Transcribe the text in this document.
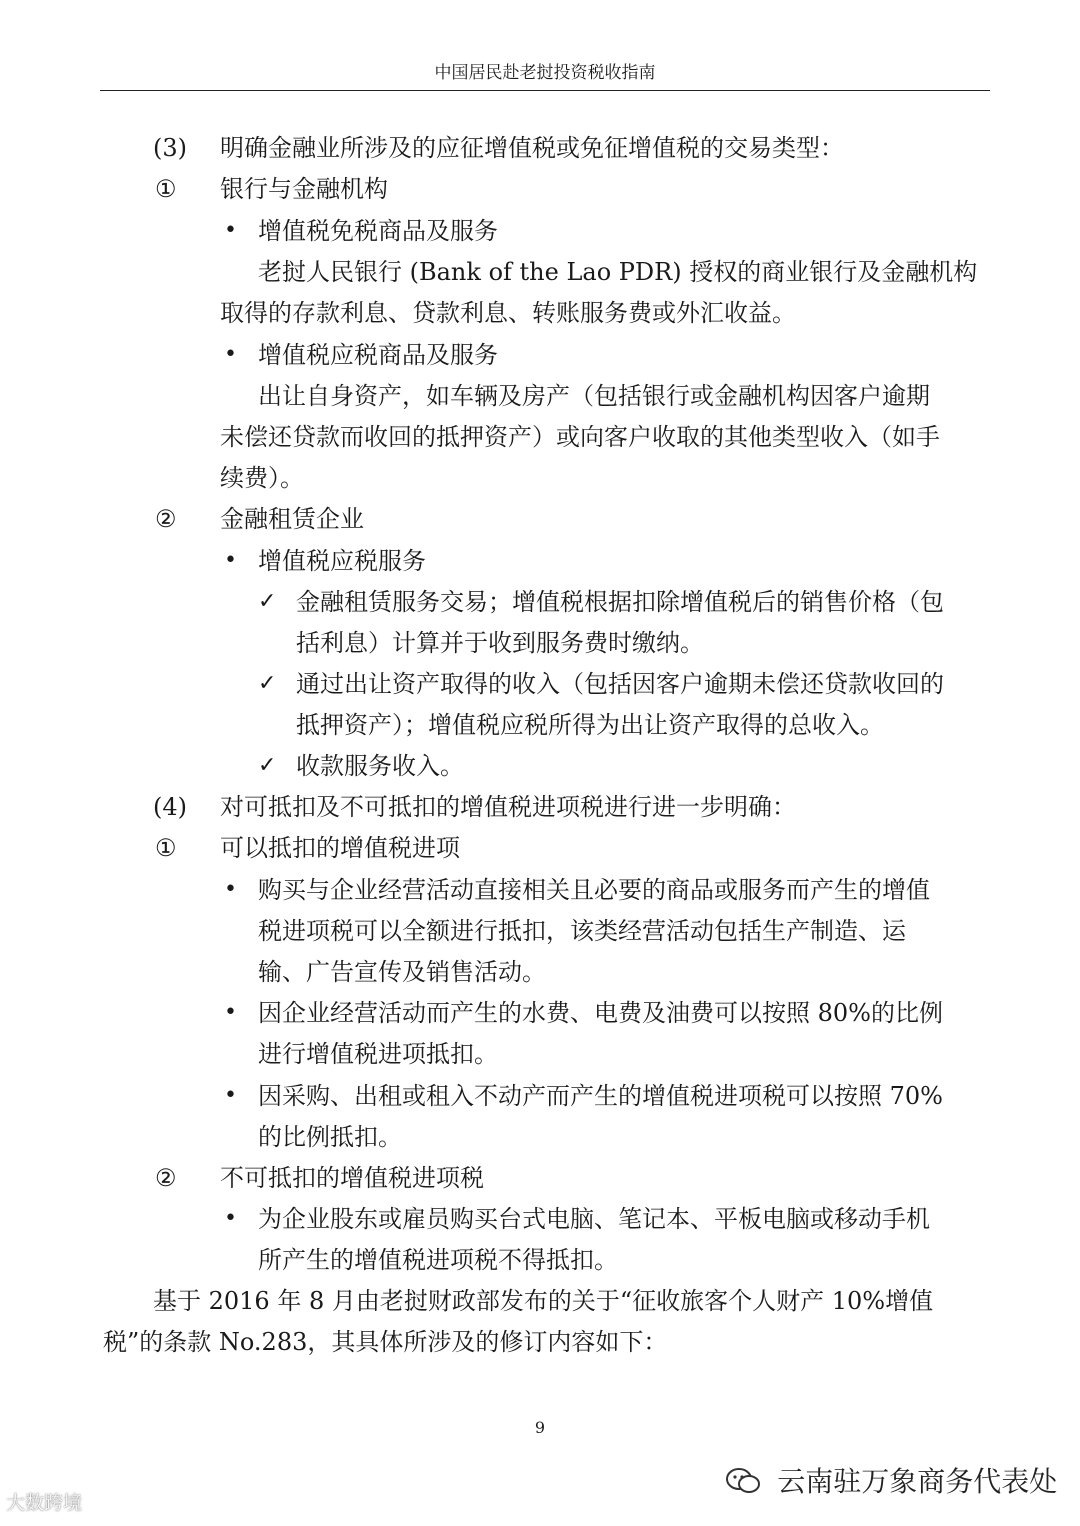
中国居民赴老挝投资税收指南
(3) 明确金融业所涉及的应征增值税或免征增值税的交易类型：
① 银行与金融机构
• 增值税免税商品及服务
老挝人民银行 (Bank of the Lao PDR) 授权的商业银行及金融机构
取得的存款利息、贷款利息、转账服务费或外汇收益。
• 增值税应税商品及服务
出让自身资产，如车辆及房产（包括银行或金融机构因客户逾期
未偿还贷款而收回的抵押资产）或向客户收取的其他类型收入（如手
续费）。
② 金融租赁企业
• 增值税应税服务
✓ 金融租赁服务交易；增值税根据扣除增值税后的销售价格（包
括利息）计算并于收到服务费时缴纳。
✓ 通过出让资产取得的收入（包括因客户逾期未偿还贷款收回的
抵押资产）；增值税应税所得为出让资产取得的总收入。
✓ 收款服务收入。
(4) 对可抵扣及不可抵扣的增值税进项税进行进一步明确：
① 可以抵扣的增值税进项
• 购买与企业经营活动直接相关且必要的商品或服务而产生的增值
税进项税可以全额进行抵扣，该类经营活动包括生产制造、运
输、广告宣传及销售活动。
• 因企业经营活动而产生的水费、电费及油费可以按照 80%的比例
进行增值税进项抵扣。
• 因采购、出租或租入不动产而产生的增值税进项税可以按照 70%
的比例抵扣。
② 不可抵扣的增值税进项税
• 为企业股东或雇员购买台式电脑、笔记本、平板电脑或移动手机
所产生的增值税进项税不得抵扣。
基于 2016 年 8 月由老挝财政部发布的关于“征收旅客个人财产 10%增值
税”的条款 No.283，其具体所涉及的修订内容如下：
9
大数跨境
云南驻万象商务代表处
